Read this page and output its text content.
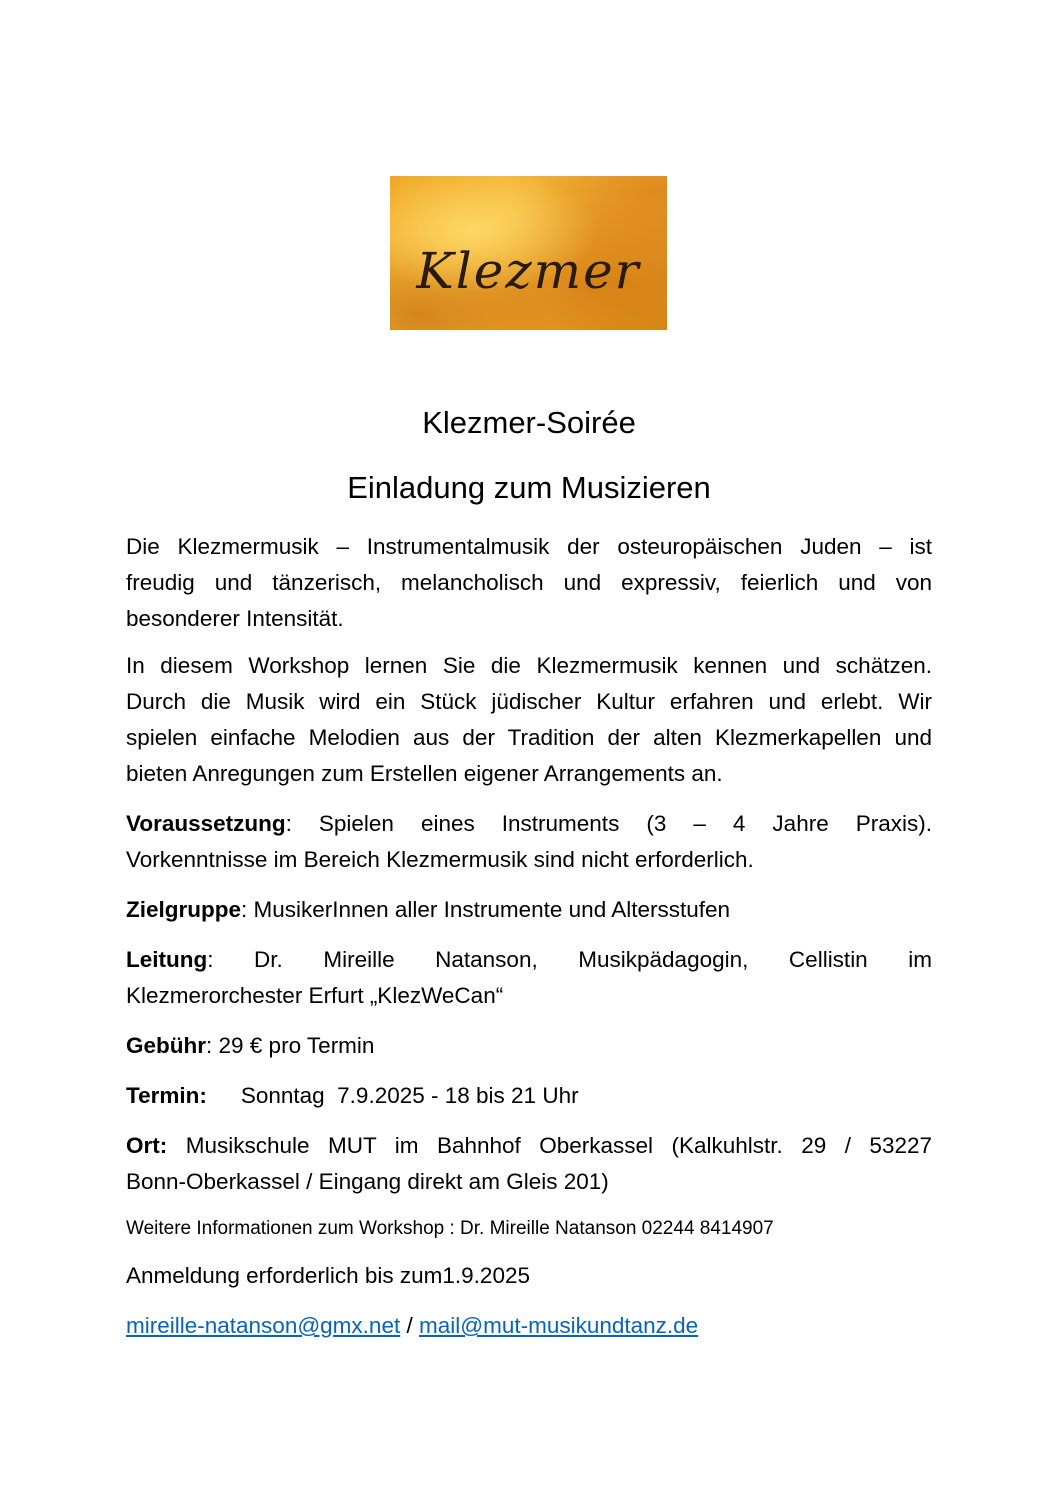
Klezmer
Klezmer-Soirée
Einladung zum Musizieren
Die Klezmermusik – Instrumentalmusik der osteuropäischen Juden – ist
freudig und tänzerisch, melancholisch und expressiv, feierlich und von
besonderer Intensität.
In diesem Workshop lernen Sie die Klezmermusik kennen und schätzen.
Durch die Musik wird ein Stück jüdischer Kultur erfahren und erlebt. Wir
spielen einfache Melodien aus der Tradition der alten Klezmerkapellen und
bieten Anregungen zum Erstellen eigener Arrangements an.
Voraussetzung: Spielen eines Instruments (3 – 4 Jahre Praxis).
Vorkenntnisse im Bereich Klezmermusik sind nicht erforderlich.
Zielgruppe: MusikerInnen aller Instrumente und Altersstufen
Leitung: Dr. Mireille Natanson, Musikpädagogin, Cellistin im
Klezmerorchester Erfurt „KlezWeCan“
Gebühr: 29 € pro Termin
Termin: Sonntag  7.9.2025 - 18 bis 21 Uhr
Ort: Musikschule MUT im Bahnhof Oberkassel (Kalkuhlstr. 29 / 53227
Bonn-Oberkassel / Eingang direkt am Gleis 201)
Weitere Informationen zum Workshop : Dr. Mireille Natanson 02244 8414907
Anmeldung erforderlich bis zum1.9.2025
mireille-natanson@gmx.net / mail@mut-musikundtanz.de
